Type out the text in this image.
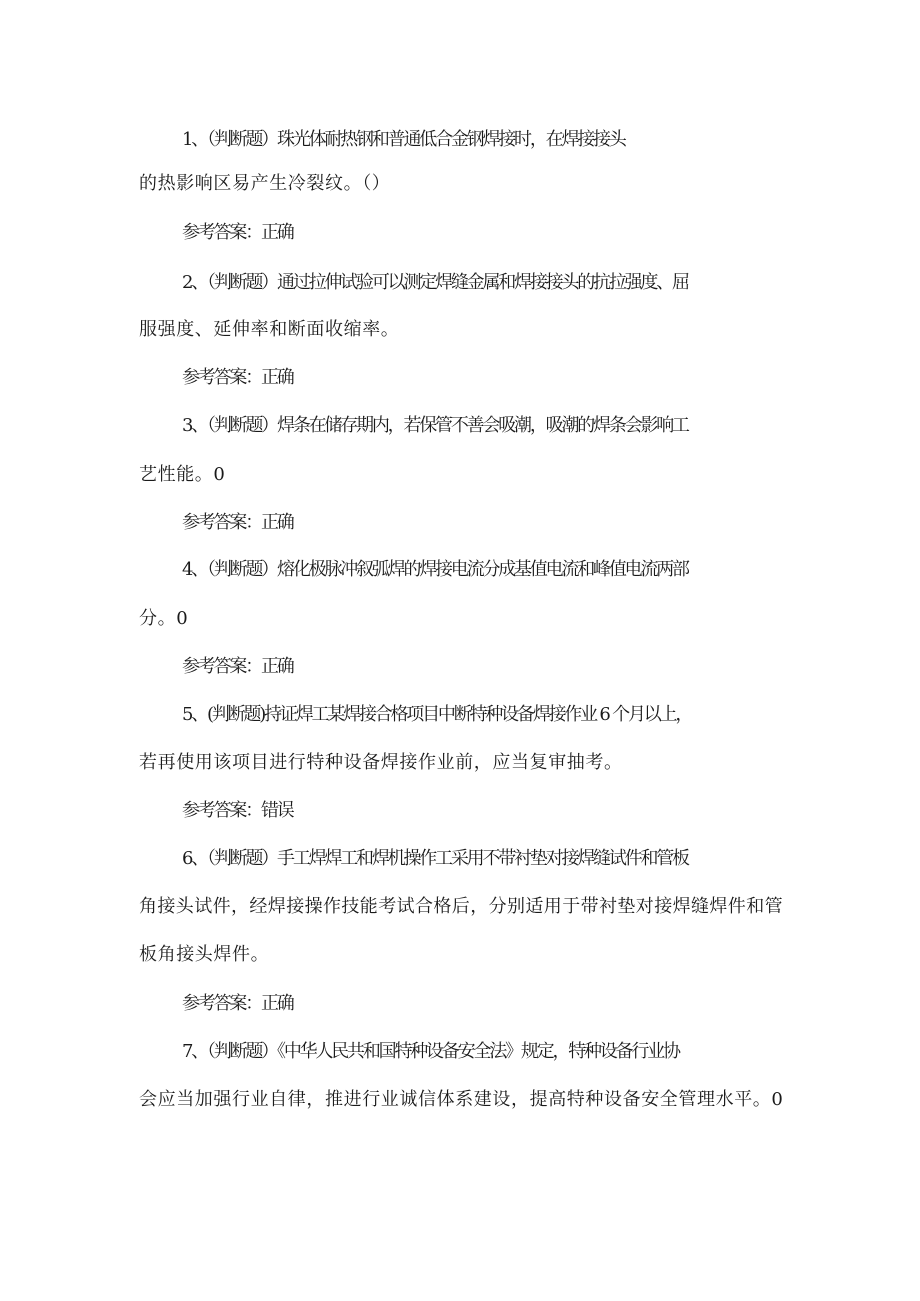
1、（判断题）珠光体耐热钢和普通低合金钢焊接时，在焊接接头
的热影响区易产生冷裂纹。（）
参考答案：正确
2、（判断题）通过拉伸试验可以测定焊缝金属和焊接接头的抗拉强度、屈
服强度、延伸率和断面收缩率。
参考答案：正确
3、（判断题）焊条在储存期内，若保管不善会吸潮，吸潮的焊条会影响工
艺性能。0
参考答案：正确
4、（判断题）熔化极脉冲叙弧焊的焊接电流分成基值电流和峰值电流两部
分。0
参考答案：正确
5、(判断题)持证焊工某焊接合格项目中断特种设备焊接作业 6 个月以上，
若再使用该项目进行特种设备焊接作业前，应当复审抽考。
参考答案：错误
6、（判断题）手工焊焊工和焊机操作工采用不带衬垫对接焊缝试件和管板
角接头试件，经焊接操作技能考试合格后，分别适用于带衬垫对接焊缝焊件和管
板角接头焊件。
参考答案：正确
7、（判断题）《中华人民共和国特种设备安全法》规定，特种设备行业协
会应当加强行业自律，推进行业诚信体系建设，提高特种设备安全管理水平。0
